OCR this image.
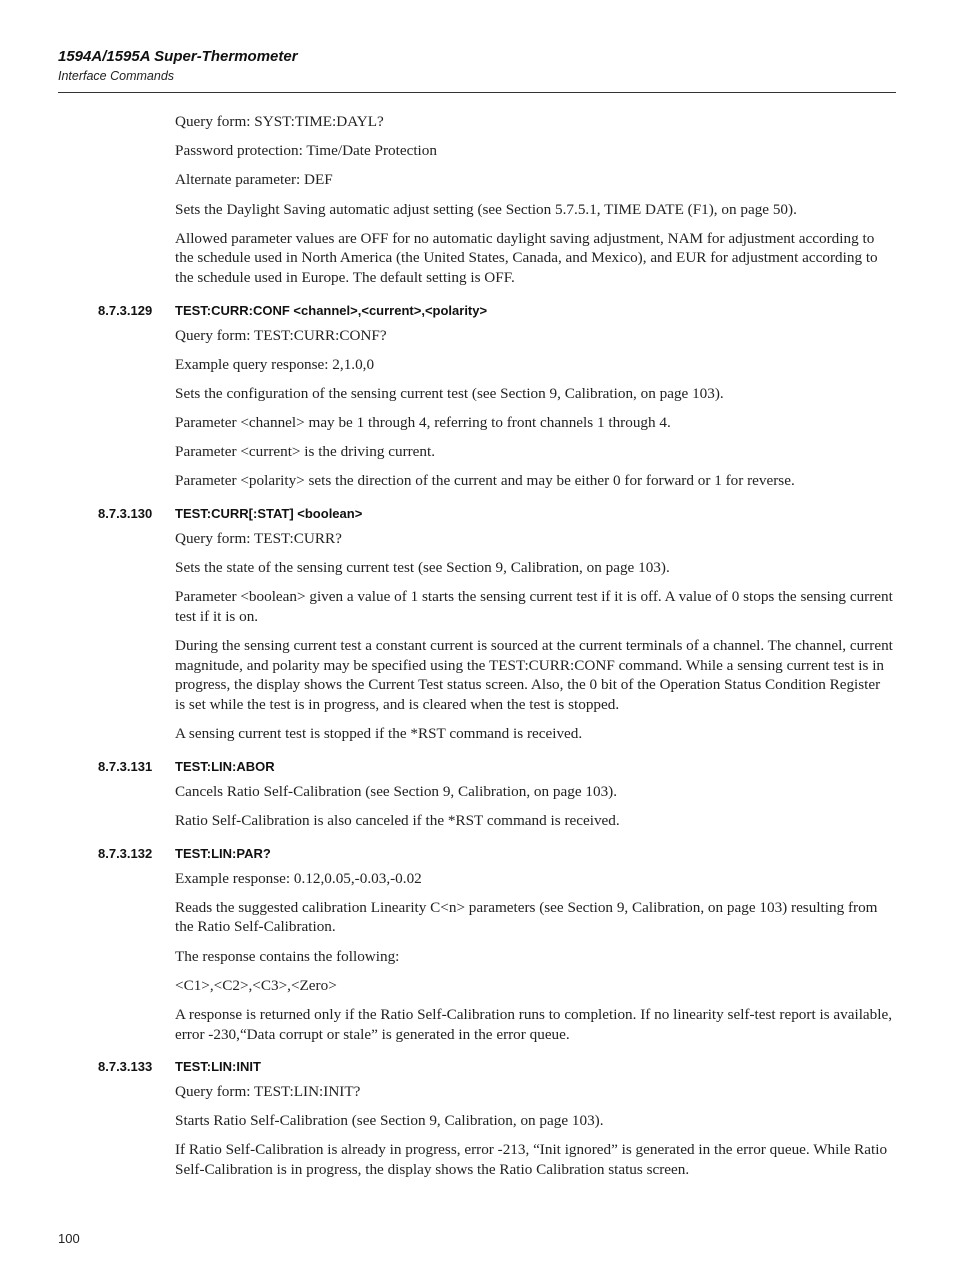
1594A/1595A Super-Thermometer
Interface Commands

Query form: SYST:TIME:DAYL?

Password protection: Time/Date Protection

Alternate parameter: DEF

Sets the Daylight Saving automatic adjust setting (see Section 5.7.5.1, TIME DATE (F1), on page 50).

Allowed parameter values are OFF for no automatic daylight saving adjustment, NAM for adjustment according to the schedule used in North America (the United States, Canada, and Mexico), and EUR for adjustment according to the schedule used in Europe. The default setting is OFF.

8.7.3.129 TEST:CURR:CONF <channel>,<current>,<polarity>

Query form: TEST:CURR:CONF?

Example query response: 2,1.0,0

Sets the configuration of the sensing current test (see Section 9, Calibration, on page 103).

Parameter <channel> may be 1 through 4, referring to front channels 1 through 4.

Parameter <current> is the driving current.

Parameter <polarity> sets the direction of the current and may be either 0 for forward or 1 for reverse.

8.7.3.130 TEST:CURR[:STAT] <boolean>

Query form: TEST:CURR?

Sets the state of the sensing current test (see Section 9, Calibration, on page 103).

Parameter <boolean> given a value of 1 starts the sensing current test if it is off. A value of 0 stops the sensing current test if it is on.

During the sensing current test a constant current is sourced at the current terminals of a channel. The channel, current magnitude, and polarity may be specified using the TEST:CURR:CONF command. While a sensing current test is in progress, the display shows the Current Test status screen. Also, the 0 bit of the Operation Status Condition Register is set while the test is in progress, and is cleared when the test is stopped.

A sensing current test is stopped if the *RST command is received.

8.7.3.131 TEST:LIN:ABOR

Cancels Ratio Self-Calibration (see Section 9, Calibration, on page 103).

Ratio Self-Calibration is also canceled if the *RST command is received.

8.7.3.132 TEST:LIN:PAR?

Example response: 0.12,0.05,-0.03,-0.02

Reads the suggested calibration Linearity C<n> parameters (see Section 9, Calibration, on page 103) resulting from the Ratio Self-Calibration.

The response contains the following:

<C1>,<C2>,<C3>,<Zero>

A response is returned only if the Ratio Self-Calibration runs to completion. If no linearity self-test report is available, error -230,“Data corrupt or stale” is generated in the error queue.

8.7.3.133 TEST:LIN:INIT

Query form: TEST:LIN:INIT?

Starts Ratio Self-Calibration (see Section 9, Calibration, on page 103).

If Ratio Self-Calibration is already in progress, error -213, “Init ignored” is generated in the error queue. While Ratio Self-Calibration is in progress, the display shows the Ratio Calibration status screen.

100
